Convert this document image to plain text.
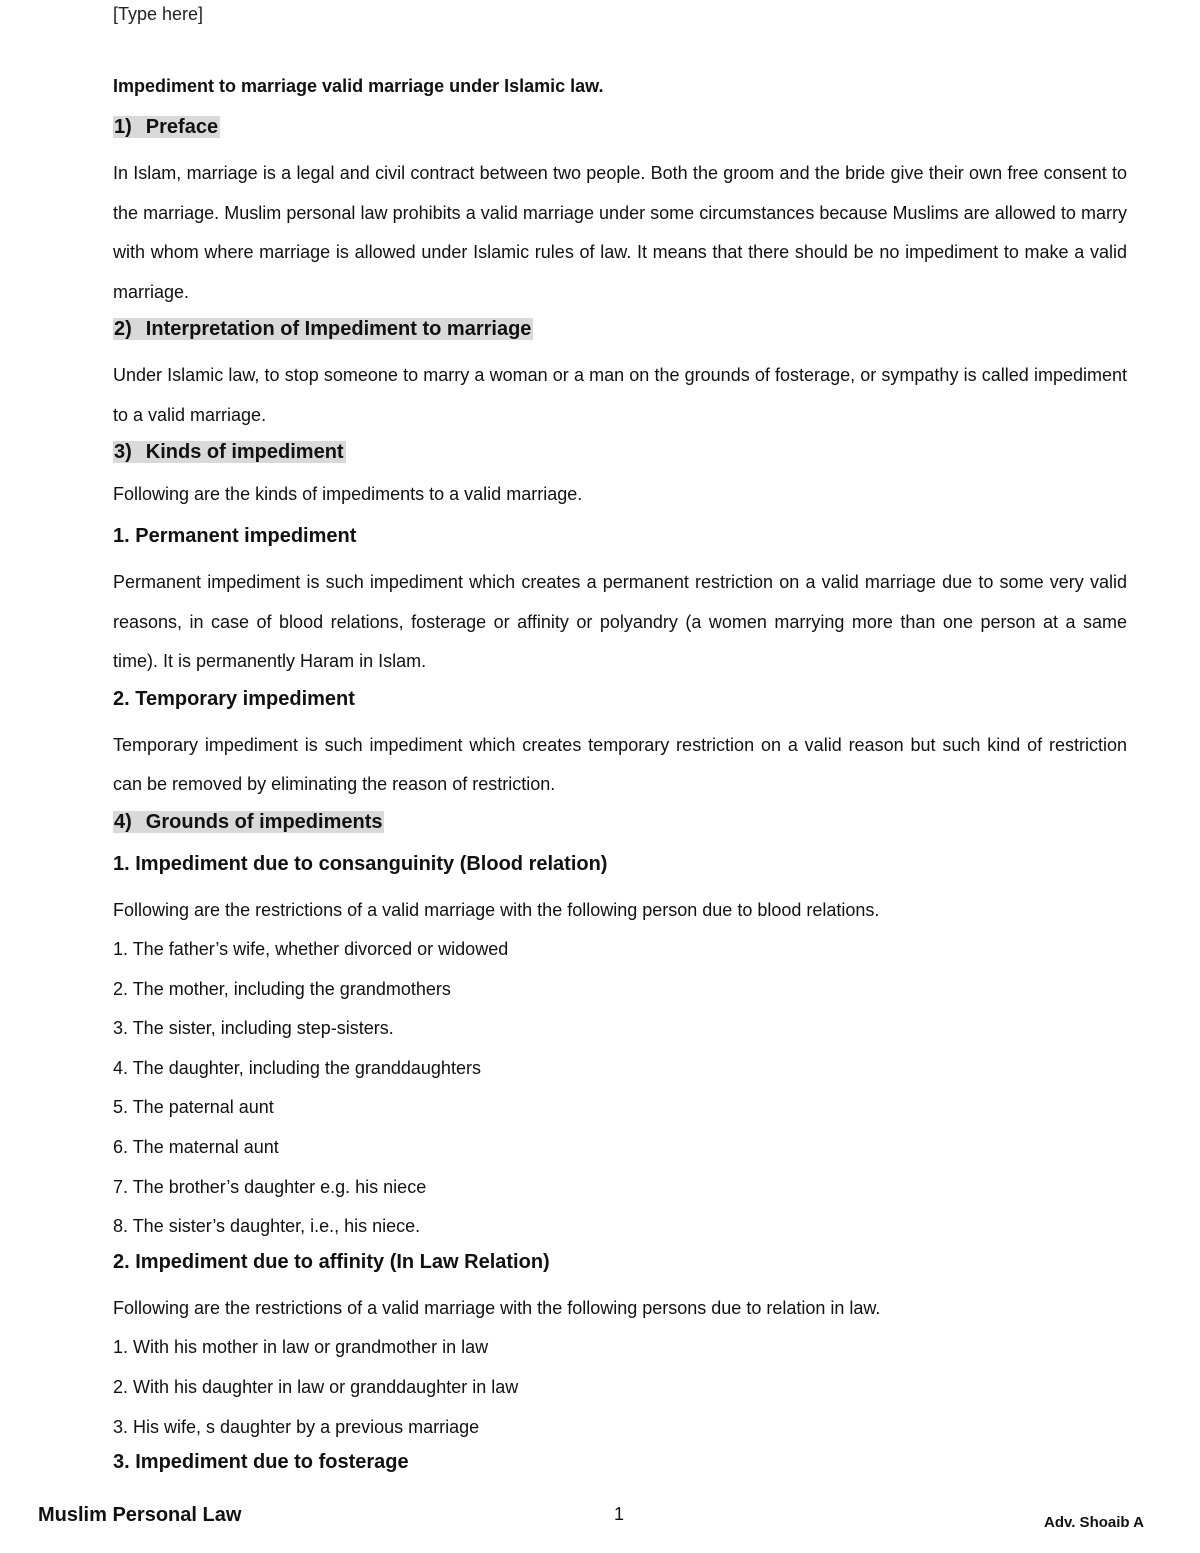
[Type here]
Impediment to marriage valid marriage under Islamic law.
1) Preface
In Islam, marriage is a legal and civil contract between two people. Both the groom and the bride give their own free consent to the marriage. Muslim personal law prohibits a valid marriage under some circumstances because Muslims are allowed to marry with whom where marriage is allowed under Islamic rules of law. It means that there should be no impediment to make a valid marriage.
2) Interpretation of Impediment to marriage
Under Islamic law, to stop someone to marry a woman or a man on the grounds of fosterage, or sympathy is called impediment to a valid marriage.
3) Kinds of impediment
Following are the kinds of impediments to a valid marriage.
1. Permanent impediment
Permanent impediment is such impediment which creates a permanent restriction on a valid marriage due to some very valid reasons, in case of blood relations, fosterage or affinity or polyandry (a women marrying more than one person at a same time). It is permanently Haram in Islam.
2. Temporary impediment
Temporary impediment is such impediment which creates temporary restriction on a valid reason but such kind of restriction can be removed by eliminating the reason of restriction.
4) Grounds of impediments
1. Impediment due to consanguinity (Blood relation)
Following are the restrictions of a valid marriage with the following person due to blood relations.
1. The father’s wife, whether divorced or widowed
2. The mother, including the grandmothers
3. The sister, including step-sisters.
4. The daughter, including the granddaughters
5. The paternal aunt
6. The maternal aunt
7. The brother’s daughter e.g. his niece
8. The sister’s daughter, i.e., his niece.
2. Impediment due to affinity (In Law Relation)
Following are the restrictions of a valid marriage with the following persons due to relation in law.
1. With his mother in law or grandmother in law
2. With his daughter in law or granddaughter in law
3. His wife, s daughter by a previous marriage
3. Impediment due to fosterage
Muslim Personal Law	1	Adv. Shoaib A
